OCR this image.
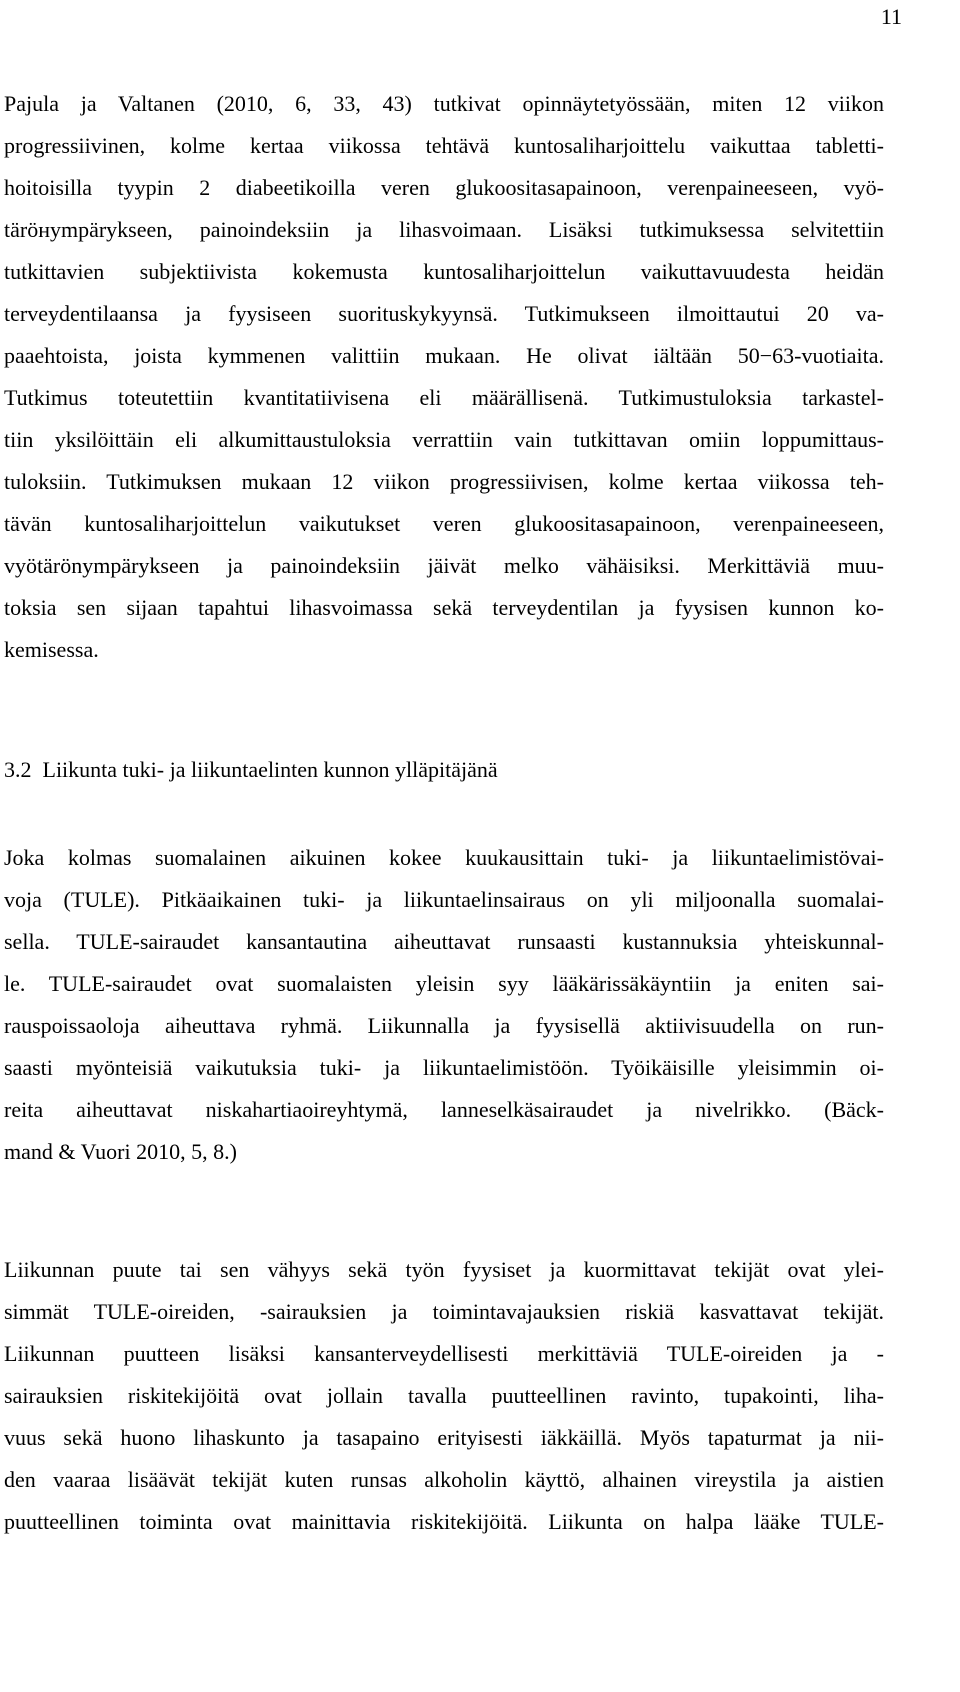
11
Pajula ja Valtanen (2010, 6, 33, 43) tutkivat opinnäytetyössään, miten 12 viikon
progressiivinen, kolme kertaa viikossa tehtävä kuntosaliharjoittelu vaikuttaa tabletti-
hoitoisilla tyypin 2 diabeetikoilla veren glukoositasapainoon, verenpaineeseen, vyö-
täröнympärykseen, painoindeksiin ja lihasvoimaan. Lisäksi tutkimuksessa selvitettiin
tutkittavien subjektiivista kokemusta kuntosaliharjoittelun vaikuttavuudesta heidän
terveydentilaansa ja fyysiseen suorituskykyynsä. Tutkimukseen ilmoittautui 20 va-
paaehtoista, joista kymmenen valittiin mukaan. He olivat iältään 50−63-vuotiaita.
Tutkimus toteutettiin kvantitatiivisena eli määrällisenä. Tutkimustuloksia tarkastel-
tiin yksilöittäin eli alkumittaustuloksia verrattiin vain tutkittavan omiin loppumittaus-
tuloksiin. Tutkimuksen mukaan 12 viikon progressiivisen, kolme kertaa viikossa teh-
tävän kuntosaliharjoittelun vaikutukset veren glukoositasapainoon, verenpaineeseen,
vyötärönympärykseen ja painoindeksiin jäivät melko vähäisiksi. Merkittäviä muu-
toksia sen sijaan tapahtui lihasvoimassa sekä terveydentilan ja fyysisen kunnon ko-
kemisessa.
3.2 Liikunta tuki- ja liikuntaelinten kunnon ylläpitäjänä
Joka kolmas suomalainen aikuinen kokee kuukausittain tuki- ja liikuntaelimistövai-
voja (TULE). Pitkäaikainen tuki- ja liikuntaelinsairaus on yli miljoonalla suomalai-
sella. TULE-sairaudet kansantautina aiheuttavat runsaasti kustannuksia yhteiskunnal-
le. TULE-sairaudet ovat suomalaisten yleisin syy lääkärissäkäyntiin ja eniten sai-
rauspoissaoloja aiheuttava ryhmä. Liikunnalla ja fyysisellä aktiivisuudella on run-
saasti myönteisiä vaikutuksia tuki- ja liikuntaelimistöön. Työikäisille yleisimmin oi-
reita aiheuttavat niskahartiaoireyhtymä, lanneselkäsairaudet ja nivelrikko. (Bäck-
mand & Vuori 2010, 5, 8.)
Liikunnan puute tai sen vähyys sekä työn fyysiset ja kuormittavat tekijät ovat ylei-
simmät TULE-oireiden, -sairauksien ja toimintavajauksien riskiä kasvattavat tekijät.
Liikunnan puutteen lisäksi kansanterveydellisesti merkittäviä TULE-oireiden ja -
sairauksien riskitekijöitä ovat jollain tavalla puutteellinen ravinto, tupakointi, liha-
vuus sekä huono lihaskunto ja tasapaino erityisesti iäkkäillä. Myös tapaturmat ja nii-
den vaaraa lisäävät tekijät kuten runsas alkoholin käyttö, alhainen vireystila ja aistien
puutteellinen toiminta ovat mainittavia riskitekijöitä. Liikunta on halpa lääke TULE-
